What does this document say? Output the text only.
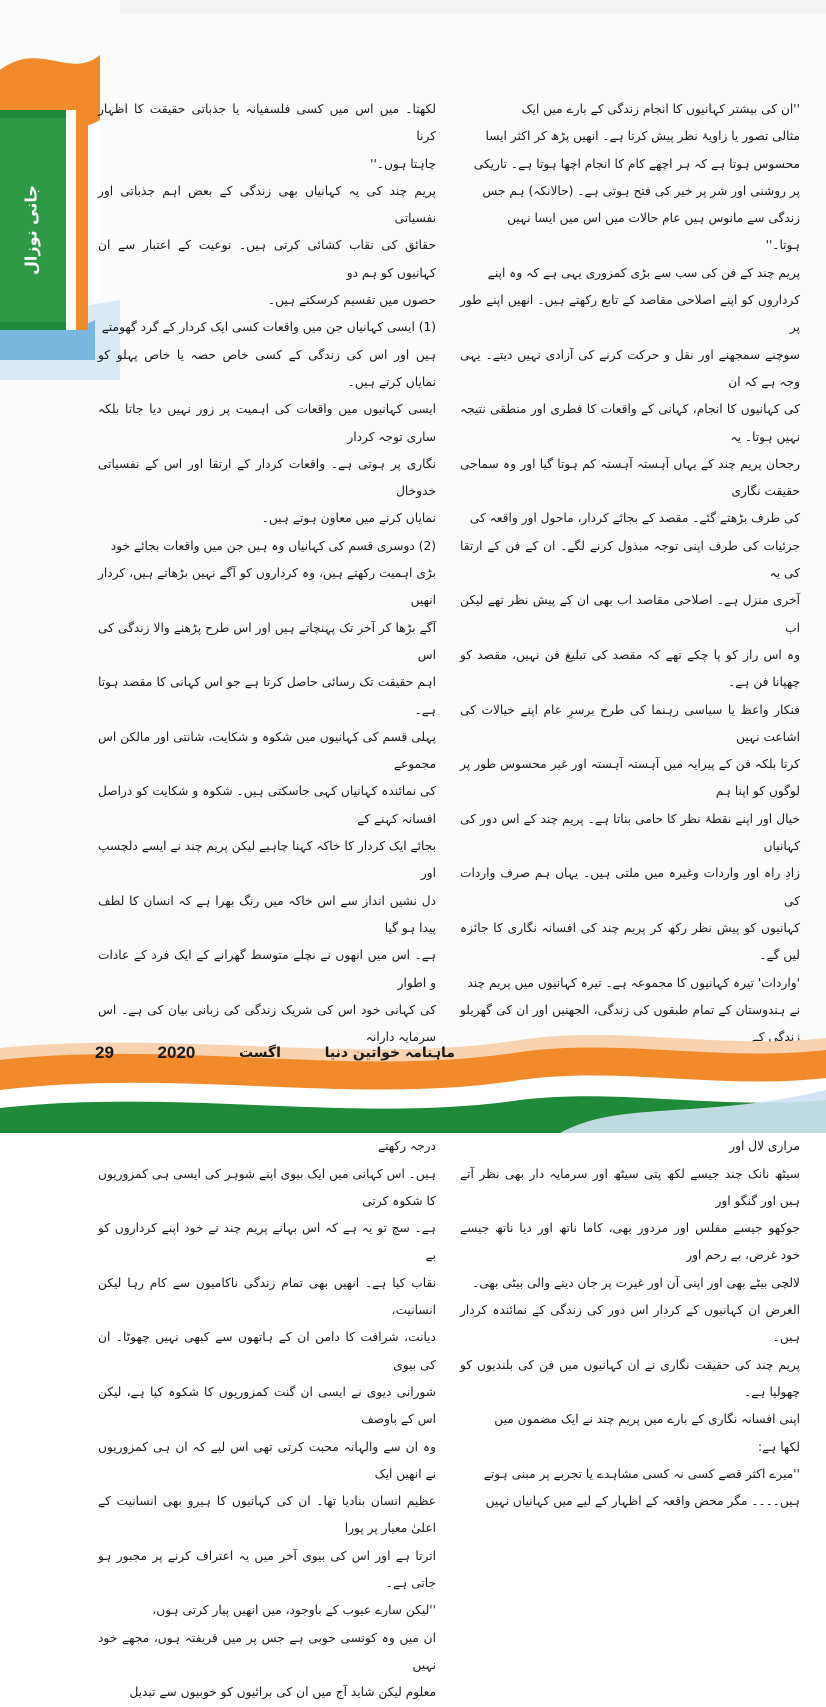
جانی نوزال

''ان کی بیشتر کہانیوں کا انجام زندگی کے بارے میں ایک

مثالی تصور یا زاویۂ نظر پیش کرتا ہے۔ انھیں پڑھ کر اکثر ایسا

محسوس ہوتا ہے کہ ہر اچھے کام کا انجام اچھا ہوتا ہے۔ تاریکی

پر روشنی اور شر پر خیر کی فتح ہوتی ہے۔ (حالانکہ) ہم جس

زندگی سے مانوس ہیں عام حالات میں اس میں ایسا نہیں

ہوتا۔''

پریم چند کے فن کی سب سے بڑی کمزوری یہی ہے کہ وہ اپنے

کرداروں کو اپنے اصلاحی مقاصد کے تابع رکھتے ہیں۔ انھیں اپنے طور پر

سوچنے سمجھنے اور نقل و حرکت کرنے کی آزادی نہیں دیتے۔ یہی وجہ ہے کہ ان

کی کہانیوں کا انجام، کہانی کے واقعات کا فطری اور منطقی نتیجہ نہیں ہوتا۔ یہ

رجحان پریم چند کے یہاں آہستہ آہستہ کم ہوتا گیا اور وہ سماجی حقیقت نگاری

کی طرف بڑھتے گئے۔ مقصد کے بجائے کردار، ماحول اور واقعہ کی

جزئیات کی طرف اپنی توجہ مبذول کرنے لگے۔ ان کے فن کے ارتقا کی یہ

آخری منزل ہے۔ اصلاحی مقاصد اب بھی ان کے پیش نظر تھے لیکن اب

وہ اس راز کو پا چکے تھے کہ مقصد کی تبلیغ فن نہیں، مقصد کو چھپانا فن ہے۔

فنکار واعظ یا سیاسی رہنما کی طرح برسرِ عام اپنے خیالات کی اشاعت نہیں

کرتا بلکہ فن کے پیرایہ میں آہستہ آہستہ اور غیر محسوس طور پر لوگوں کو اپنا ہم

خیال اور اپنے نقطۂ نظر کا حامی بناتا ہے۔ پریم چند کے اس دور کی کہانیاں

زادِ راہ اور واردات وغیرہ میں ملتی ہیں۔ یہاں ہم صرف واردات کی

کہانیوں کو پیش نظر رکھ کر پریم چند کی افسانہ نگاری کا جائزہ لیں گے۔

'واردات' تیرہ کہانیوں کا مجموعہ ہے۔ تیرہ کہانیوں میں پریم چند

نے ہندوستان کے تمام طبقوں کی زندگی، الجھنیں اور ان کی گھریلو زندگی کے

مراری لال اور

سیٹھ نانک چند جیسے لکھ پتی سیٹھ اور سرمایہ دار بھی نظر آتے ہیں اور گنگو اور

جوکھو جیسے مفلس اور مزدور بھی، کاما ناتھ اور دیا ناتھ جیسے خود غرض، بے رحم اور

لالچی بیٹے بھی اور اپنی آن اور غیرت پر جان دینے والی بیٹی بھی۔

الغرض ان کہانیوں کے کردار اس دور کی زندگی کے نمائندہ کردار ہیں۔

پریم چند کی حقیقت نگاری نے ان کہانیوں میں فن کی بلندیوں کو چھولیا ہے۔

اپنی افسانہ نگاری کے بارے میں پریم چند نے ایک مضمون میں

لکھا ہے:

''میرے اکثر قصے کسی نہ کسی مشاہدے یا تجربے پر مبنی ہوتے

ہیں۔۔۔۔ مگر محض واقعہ کے اظہار کے لیے میں کہانیاں نہیں

لکھتا۔ میں اس میں کسی فلسفیانہ یا جذباتی حقیقت کا اظہار کرنا

چاہتا ہوں۔''

پریم چند کی یہ کہانیاں بھی زندگی کے بعض اہم جذباتی اور نفسیاتی

حقائق کی نقاب کشائی کرتی ہیں۔ نوعیت کے اعتبار سے ان کہانیوں کو ہم دو

حصوں میں تقسیم کرسکتے ہیں۔

(1) ایسی کہانیاں جن میں واقعات کسی ایک کردار کے گرد گھومتے

ہیں اور اس کی زندگی کے کسی خاص حصہ یا خاص پہلو کو نمایاں کرتے ہیں۔

ایسی کہانیوں میں واقعات کی اہمیت پر زور نہیں دیا جاتا بلکہ ساری توجہ کردار

نگاری پر ہوتی ہے۔ واقعات کردار کے ارتقا اور اس کے نفسیاتی خدوخال

نمایاں کرنے میں معاون ہوتے ہیں۔

(2) دوسری قسم کی کہانیاں وہ ہیں جن میں واقعات بجائے خود

بڑی اہمیت رکھتے ہیں، وہ کرداروں کو آگے نہیں بڑھاتے ہیں، کردار انھیں

آگے بڑھا کر آخر تک پہنچاتے ہیں اور اس طرح پڑھنے والا زندگی کی اس

اہم حقیقت تک رسائی حاصل کرتا ہے جو اس کہانی کا مقصد ہوتا ہے۔

پہلی قسم کی کہانیوں میں شکوہ و شکایت، شانتی اور مالکن اس مجموعے

کی نمائندہ کہانیاں کہی جاسکتی ہیں۔ شکوہ و شکایت کو دراصل افسانہ کہنے کے

بجائے ایک کردار کا خاکہ کہنا چاہیے لیکن پریم چند نے ایسے دلچسپ اور

دل نشیں انداز سے اس خاکہ میں رنگ بھرا ہے کہ انسان کا لطف پیدا ہو گیا

ہے۔ اس میں انھوں نے نچلے متوسط گھرانے کے ایک فرد کے عادات و اطوار

کی کہانی خود اس کی شریک زندگی کی زبانی بیان کی ہے۔ اس سرمایہ دارانہ

درجہ رکھتے

ہیں۔ اس کہانی میں ایک بیوی اپنے شوہر کی ایسی ہی کمزوریوں کا شکوہ کرتی

ہے۔ سچ تو یہ ہے کہ اس بہانے پریم چند نے خود اپنے کرداروں کو بے

نقاب کیا ہے۔ انھیں بھی تمام زندگی ناکامیوں سے کام رہا لیکن انسانیت،

دیانت، شرافت کا دامن ان کے ہاتھوں سے کبھی نہیں چھوٹا۔ ان کی بیوی

شورانی دیوی نے ایسی ان گنت کمزوریوں کا شکوہ کیا ہے، لیکن اس کے باوصف

وہ ان سے والہانہ محبت کرتی تھی اس لیے کہ ان ہی کمزوریوں نے انھیں ایک

عظیم انسان بنادیا تھا۔ ان کی کہانیوں کا ہیرو بھی انسانیت کے اعلیٰ معیار پر پورا

اترتا ہے اور اس کی بیوی آخر میں یہ اعتراف کرنے پر مجبور ہو جاتی ہے۔

''لیکن سارے عیوب کے باوجود، میں انھیں پیار کرتی ہوں،

ان میں وہ کونسی خوبی ہے جس پر میں فریفتہ ہوں، مجھے خود نہیں

معلوم لیکن شاید آج میں ان کی برائیوں کو خوبیوں سے تبدیل

29	2020	اگست	ماہنامہ خواتین دنیا
